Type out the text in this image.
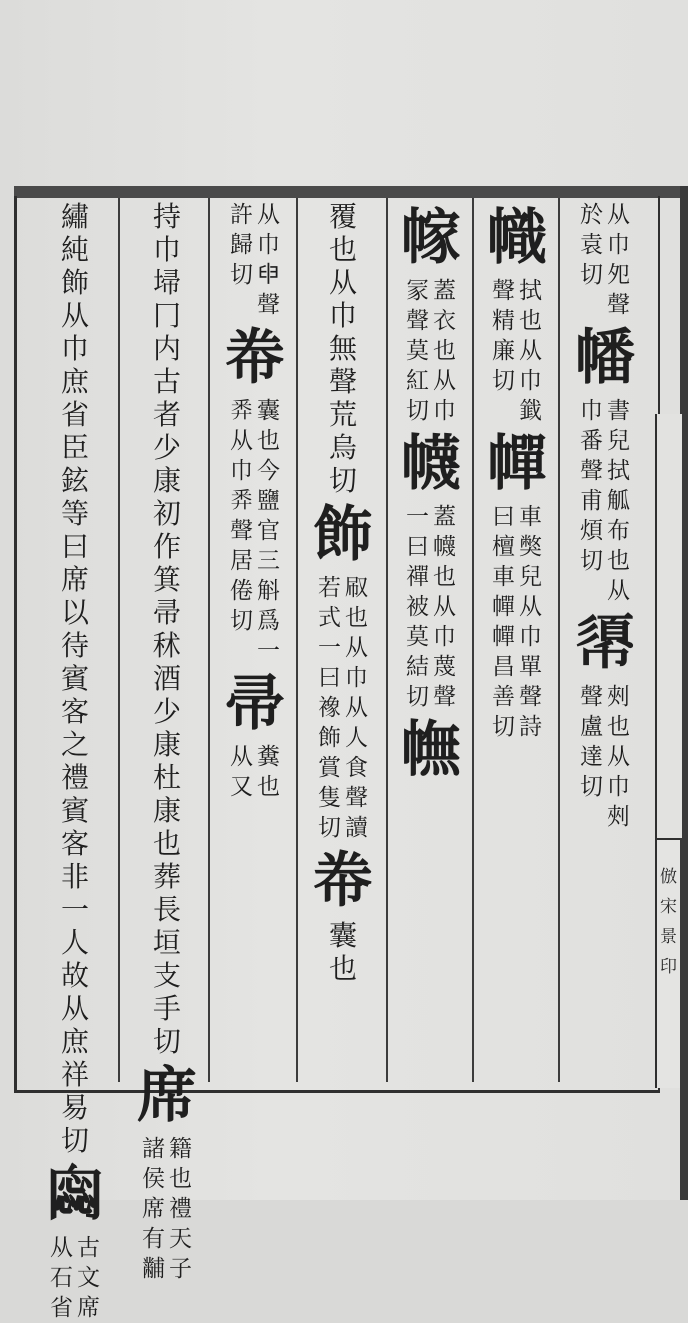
倣
宋
景
印
从
巾
夗
聲
於
袁
切
幡
書
兒
拭
觚
布
也
从
巾
番
聲
甫
煩
切
𢄼
㓨
也
从
巾
㓨
聲
盧
達
切
幟
拭
也
从
巾
韱
聲
精
廉
切
幝
車
獘
兒
从
巾
單
聲
詩
曰
檀
車
幝
幝
昌
善
切
幏
蓋
衣
也
从
巾
冡
聲
莫
紅
切
幭
蓋
幭
也
从
巾
蔑
聲
一
曰
禪
被
莫
結
切
幠
覆
也
从
巾
無
聲
荒
烏
切
飾
㕞
也
从
巾
从
人
食
聲
讀
若
式
一
曰
襐
飾
賞
隻
切
帣
囊
也
从
巾
𦥔
聲
許
歸
切
帣
囊
也
今
鹽
官
三
斛
爲
一
𢍏
从
巾
𢍏
聲
居
倦
切
帚
糞
也
从
又
持
巾
埽
冂
内
古
者
少
康
初
作
箕
帚
秫
酒
少
康
杜
康
也
葬
長
垣
支
手
切
席
籍
也
禮
天
子
諸
侯
席
有
黼
繡
純
飾
从
巾
庶
省
臣
鉉
等
曰
席
以
待
賓
客
之
禮
賓
客
非
一
人
故
从
庶
祥
易
切
𠕫
古
文
席
从
石
省
